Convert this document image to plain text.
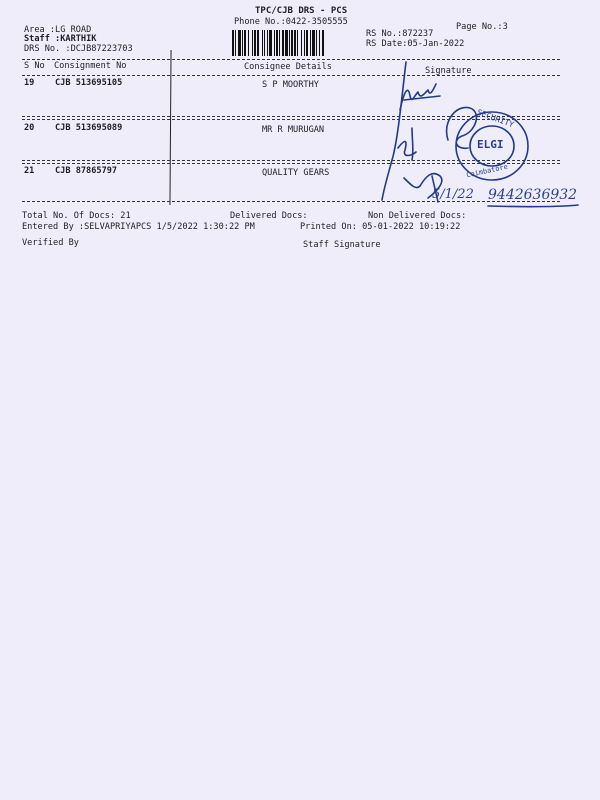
TPC/CJB DRS - PCS
Phone No.:0422-3505555	Page No.:3
Area :LG ROAD
Staff :KARTHIK
DRS No. :DCJB87223703
RS No.:872237
RS Date:05-Jan-2022
S No Consignment No	Consignee Details	Signature
19 CJB 513695105	S P MOORTHY
20 CJB 513695089	MR R MURUGAN
21 CJB 87865797	QUALITY GEARS
Total No. Of Docs: 21	Delivered Docs:	Non Delivered Docs:
Entered By :SELVAPRIYAPCS 1/5/2022 1:30:22 PM	Printed On: 05-01-2022 10:19:22
Verified By	Staff Signature
SECURITY
ELGI
Coimbatore
5/1/22 9442636932
